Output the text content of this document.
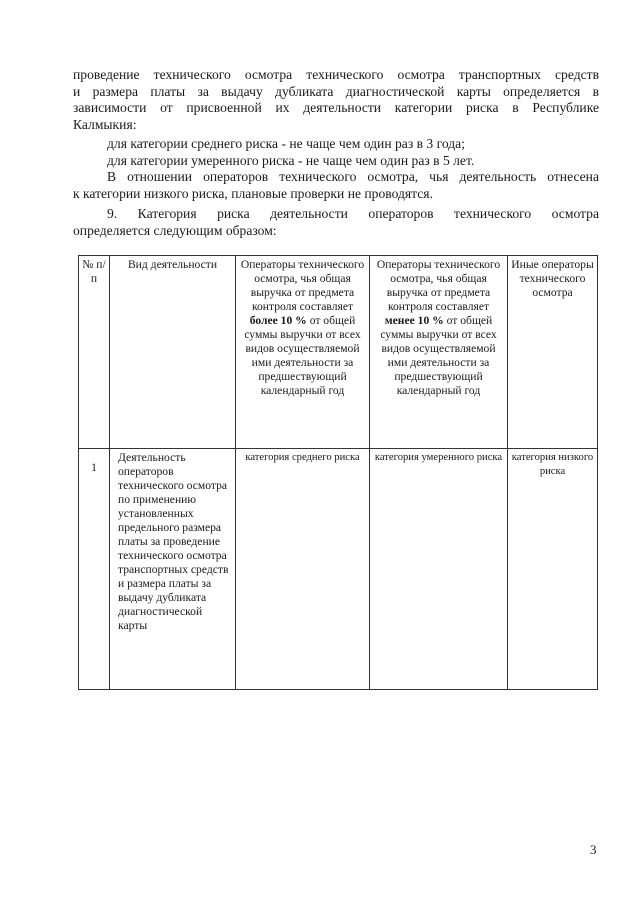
проведение технического осмотра технического осмотра транспортных средств
и размера платы за выдачу дубликата диагностической карты определяется в
зависимости от присвоенной их деятельности категории риска в Республике
Калмыкия:
для категории среднего риска - не чаще чем один раз в 3 года;
для категории умеренного риска - не чаще чем один раз в 5 лет.
В отношении операторов технического осмотра, чья деятельность отнесена
к категории низкого риска, плановые проверки не проводятся.
9. Категория риска деятельности операторов технического осмотра
определяется следующим образом:
№ п/п	Вид деятельности	Операторы технического осмотра, чья общая выручка от предмета контроля составляет более 10 % от общей суммы выручки от всех видов осуществляемой ими деятельности за предшествующий календарный год	Операторы технического осмотра, чья общая выручка от предмета контроля составляет менее 10 % от общей суммы выручки от всех видов осуществляемой ими деятельности за предшествующий календарный год	Иные операторы технического осмотра

1	Деятельность операторов технического осмотра по применению установленных предельного размера платы за проведение техничеcкого осмотра транспортных средств и размера платы за выдачу дубликата диагностической карты	категория среднего риска	категория умеренного риска	категория низкого риска
3
